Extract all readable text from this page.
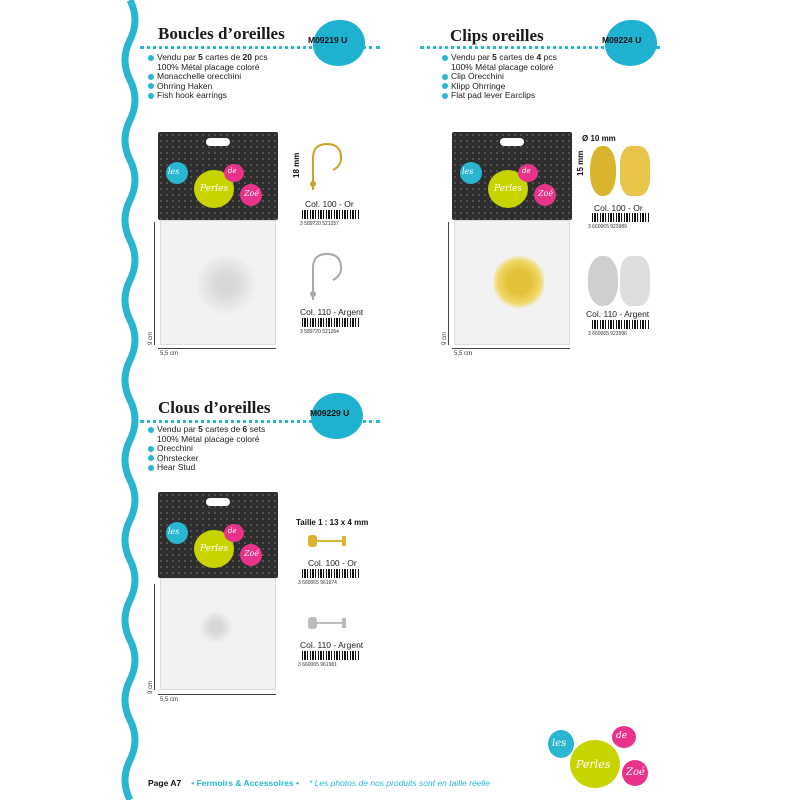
Boucles d’oreilles	M09219 U
Vendu par 5 cartes de 20 pcs
100% Métal placage coloré
Monacchelle orecchini
Ohrring Haken
Fish hook earrings
les
Perles
de
Zoé
9 cm
5,5 cm
18 mm
Col. 100 - Or
3 589720 521257
Col. 110 - Argent
3 589720 521264
Clips oreilles	M09224 U
Vendu par 5 cartes de 4 pcs
100% Métal placage coloré
Clip Orecchini
Klipp Ohrringe
Flat pad lever Earclips
les
Perles
de
Zoé
9 cm
5,5 cm
Ø 10 mm
15 mm
Col. 100 - Or
3 660065 923989
Col. 110 - Argent
3 660065 923996
Clous d’oreilles	M09229 U
Vendu par 5 cartes de 6 sets
100% Métal placage coloré
Orecchini
Ohrstecker
Hear Stud
les
Perles
de
Zoé
9 cm
5,5 cm
Taille 1 : 13 x 4 mm
Col. 100 - Or
3 660065 961974
Col. 110 - Argent
3 660065 961981
les
Perles
de
Zoé
Page A7 • Fermoirs & Accessoires • * Les photos de nos produits sont en taille réelle
